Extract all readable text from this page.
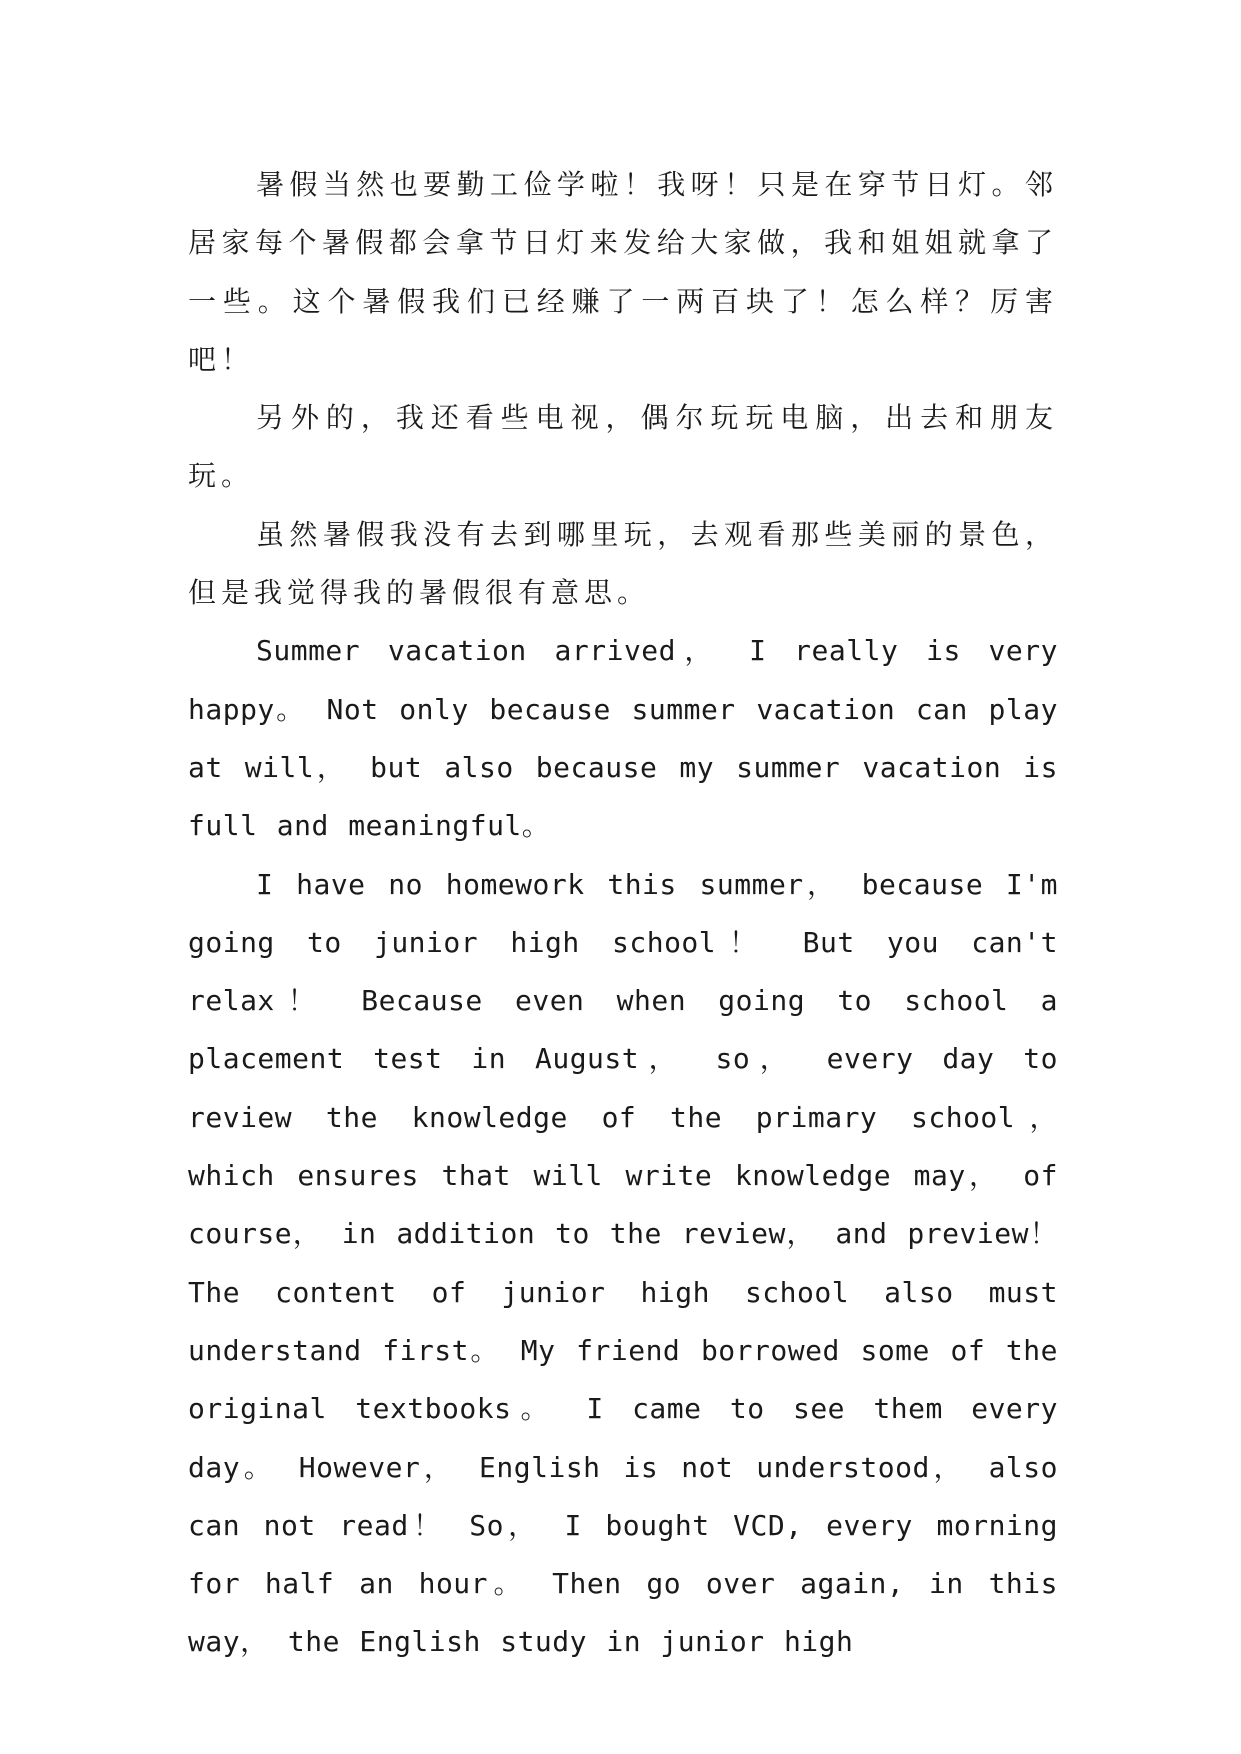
暑假当然也要勤工俭学啦！我呀！只是在穿节日灯。邻居家每个暑假都会拿节日灯来发给大家做，我和姐姐就拿了一些。这个暑假我们已经赚了一两百块了！怎么样？厉害吧！

另外的，我还看些电视，偶尔玩玩电脑，出去和朋友玩。

虽然暑假我没有去到哪里玩，去观看那些美丽的景色，但是我觉得我的暑假很有意思。

Summer vacation arrived， I really is very happy。 Not only because summer vacation can play at will， but also because my summer vacation is full and meaningful。

I have no homework this summer， because I'm going to junior high school！ But you can't relax！ Because even when going to school a placement test in August， so， every day to review the knowledge of the primary school， which ensures that will write knowledge may， of course， in addition to the review， and preview！ The content of junior high school also must understand first。 My friend borrowed some of the original textbooks。 I came to see them every day。 However， English is not understood， also can not read！ So， I bought VCD, every morning for half an hour。 Then go over again, in this way， the English study in junior high
